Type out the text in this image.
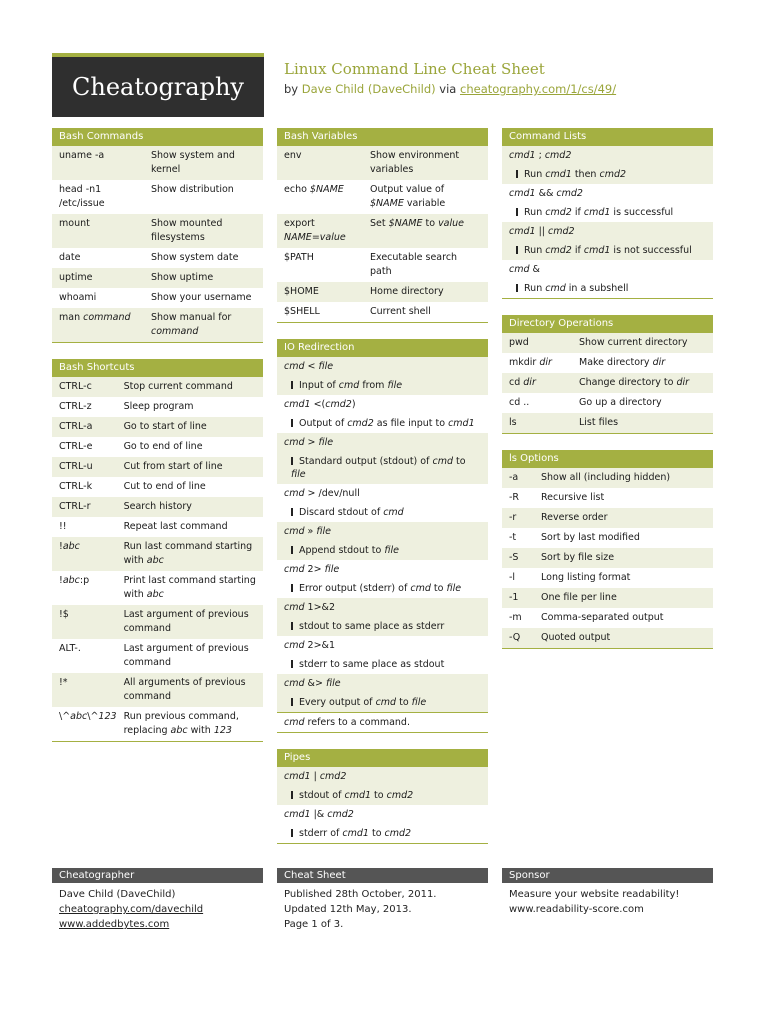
Cheatography
Linux Command Line Cheat Sheet
by Dave Child (DaveChild) via cheatography.com/1/cs/49/
Bash Commands
uname -a	Show system and kernel
head -n1 /etc/issue	Show distribution
mount	Show mounted filesystems
date	Show system date
uptime	Show uptime
whoami	Show your username
man command	Show manual for command
Bash Shortcuts
CTRL-c	Stop current command
CTRL-z	Sleep program
CTRL-a	Go to start of line
CTRL-e	Go to end of line
CTRL-u	Cut from start of line
CTRL-k	Cut to end of line
CTRL-r	Search history
!!	Repeat last command
!abc	Run last command starting with abc
!abc:p	Print last command starting with abc
!$	Last argument of previous command
ALT-.	Last argument of previous command
!*	All arguments of previous command
\^abc\^123	Run previous command, replacing abc with 123
Bash Variables
env	Show environment variables
echo $NAME	Output value of $NAME variable
export NAME=value	Set $NAME to value
$PATH	Executable search path
$HOME	Home directory
$SHELL	Current shell
IO Redirection
cmd < file
Input of cmd from file
cmd1 <(cmd2)
Output of cmd2 as file input to cmd1
cmd > file
Standard output (stdout) of cmd to file
cmd > /dev/null
Discard stdout of cmd
cmd » file
Append stdout to file
cmd 2> file
Error output (stderr) of cmd to file
cmd 1>&2
stdout to same place as stderr
cmd 2>&1
stderr to same place as stdout
cmd &> file
Every output of cmd to file
cmd refers to a command.
Pipes
cmd1 | cmd2
stdout of cmd1 to cmd2
cmd1 |& cmd2
stderr of cmd1 to cmd2
Command Lists
cmd1 ; cmd2
Run cmd1 then cmd2
cmd1 && cmd2
Run cmd2 if cmd1 is successful
cmd1 || cmd2
Run cmd2 if cmd1 is not successful
cmd &
Run cmd in a subshell
Directory Operations
pwd	Show current directory
mkdir dir	Make directory dir
cd dir	Change directory to dir
cd ..	Go up a directory
ls	List files
ls Options
-a	Show all (including hidden)
-R	Recursive list
-r	Reverse order
-t	Sort by last modified
-S	Sort by file size
-l	Long listing format
-1	One file per line
-m	Comma-separated output
-Q	Quoted output
Cheatographer
Dave Child (DaveChild)
cheatography.com/davechild
www.addedbytes.com
Cheat Sheet
Published 28th October, 2011.
Updated 12th May, 2013.
Page 1 of 3.
Sponsor
Measure your website readability!
www.readability-score.com
